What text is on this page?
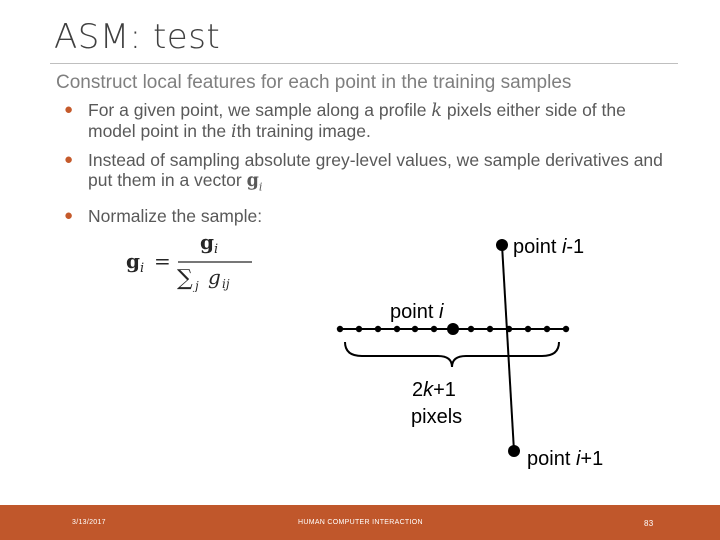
ASM: test
Construct local features for each point in the training samples
● For a given point, we sample along a profile k pixels either side of the model point in the ith training image.
● Instead of sampling absolute grey-level values, we sample derivatives and put them in a vector $g_i$
● Normalize the sample:
g i =
g i
∑ j g ij
point i-1
point i
point i+1
2k+1
pixels
3/13/2017	HUMAN COMPUTER INTERACTION	83
